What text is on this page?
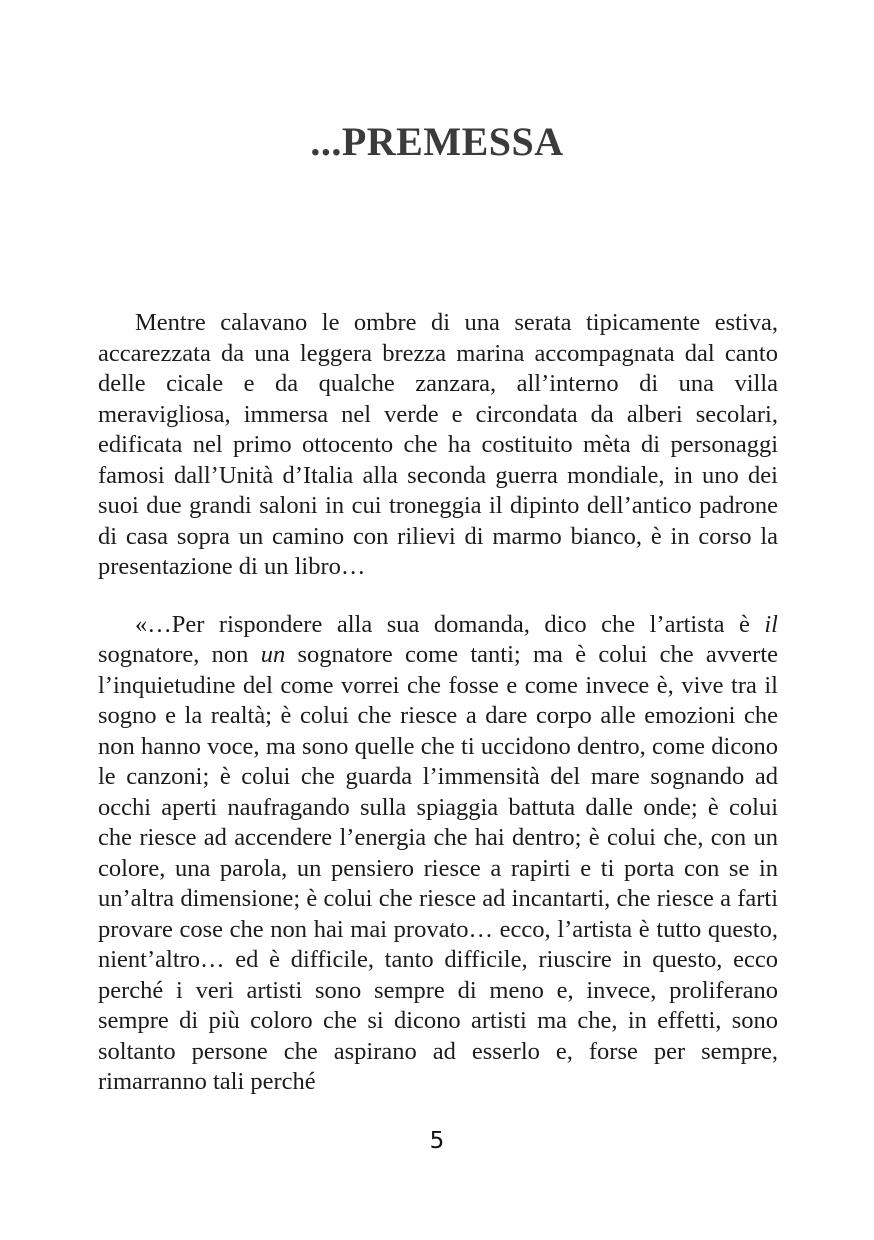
...PREMESSA

Mentre calavano le ombre di una serata tipicamente estiva, accarezzata da una leggera brezza marina accompagnata dal canto delle cicale e da qualche zanzara, all’interno di una villa meravigliosa, immersa nel verde e circondata da alberi secolari, edificata nel primo ottocento che ha costituito mèta di personaggi famosi dall’Unità d’Italia alla seconda guerra mondiale, in uno dei suoi due grandi saloni in cui troneggia il dipinto dell’antico padrone di casa sopra un camino con rilievi di marmo bianco, è in corso la presentazione di un libro…

«…Per rispondere alla sua domanda, dico che l’artista è il sognatore, non un sognatore come tanti; ma è colui che avverte l’inquietudine del come vorrei che fosse e come invece è, vive tra il sogno e la realtà; è colui che riesce a dare corpo alle emozioni che non hanno voce, ma sono quelle che ti uccidono dentro, come dicono le canzoni; è colui che guarda l’immensità del mare sognando ad occhi aperti naufragando sulla spiaggia battuta dalle onde; è colui che riesce ad accendere l’energia che hai dentro; è colui che, con un colore, una parola, un pensiero riesce a rapirti e ti porta con se in un’altra dimensione; è colui che riesce ad incantarti, che riesce a farti provare cose che non hai mai provato… ecco, l’artista è tutto questo, nient’altro… ed è difficile, tanto difficile, riuscire in questo, ecco perché i veri artisti sono sempre di meno e, invece, proliferano sempre di più coloro che si dicono artisti ma che, in effetti, sono soltanto persone che aspirano ad esserlo e, forse per sempre, rimarranno tali perché

5
